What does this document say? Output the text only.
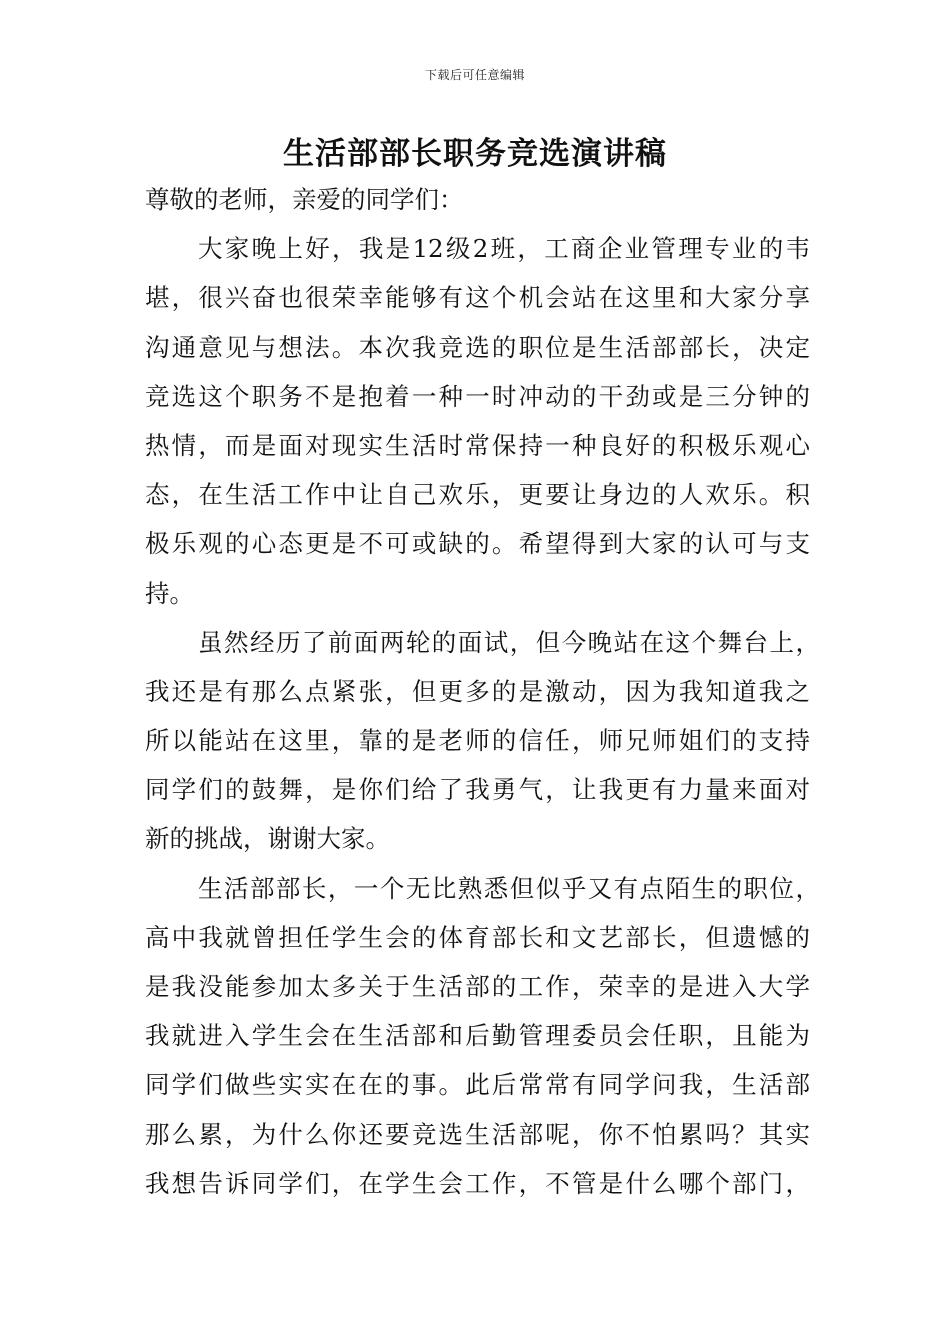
下载后可任意编辑
生活部部长职务竞选演讲稿
尊敬的老师，亲爱的同学们：
大家晚上好，我是12级2班，工商企业管理专业的韦
堪，很兴奋也很荣幸能够有这个机会站在这里和大家分享
沟通意见与想法。本次我竞选的职位是生活部部长，决定
竞选这个职务不是抱着一种一时冲动的干劲或是三分钟的
热情，而是面对现实生活时常保持一种良好的积极乐观心
态，在生活工作中让自己欢乐，更要让身边的人欢乐。积
极乐观的心态更是不可或缺的。希望得到大家的认可与支
持。
虽然经历了前面两轮的面试，但今晚站在这个舞台上，
我还是有那么点紧张，但更多的是激动，因为我知道我之
所以能站在这里，靠的是老师的信任，师兄师姐们的支持
同学们的鼓舞，是你们给了我勇气，让我更有力量来面对
新的挑战，谢谢大家。
生活部部长，一个无比熟悉但似乎又有点陌生的职位，
高中我就曾担任学生会的体育部长和文艺部长，但遗憾的
是我没能参加太多关于生活部的工作，荣幸的是进入大学
我就进入学生会在生活部和后勤管理委员会任职，且能为
同学们做些实实在在的事。此后常常有同学问我，生活部
那么累，为什么你还要竞选生活部呢，你不怕累吗？其实
我想告诉同学们，在学生会工作，不管是什么哪个部门，
